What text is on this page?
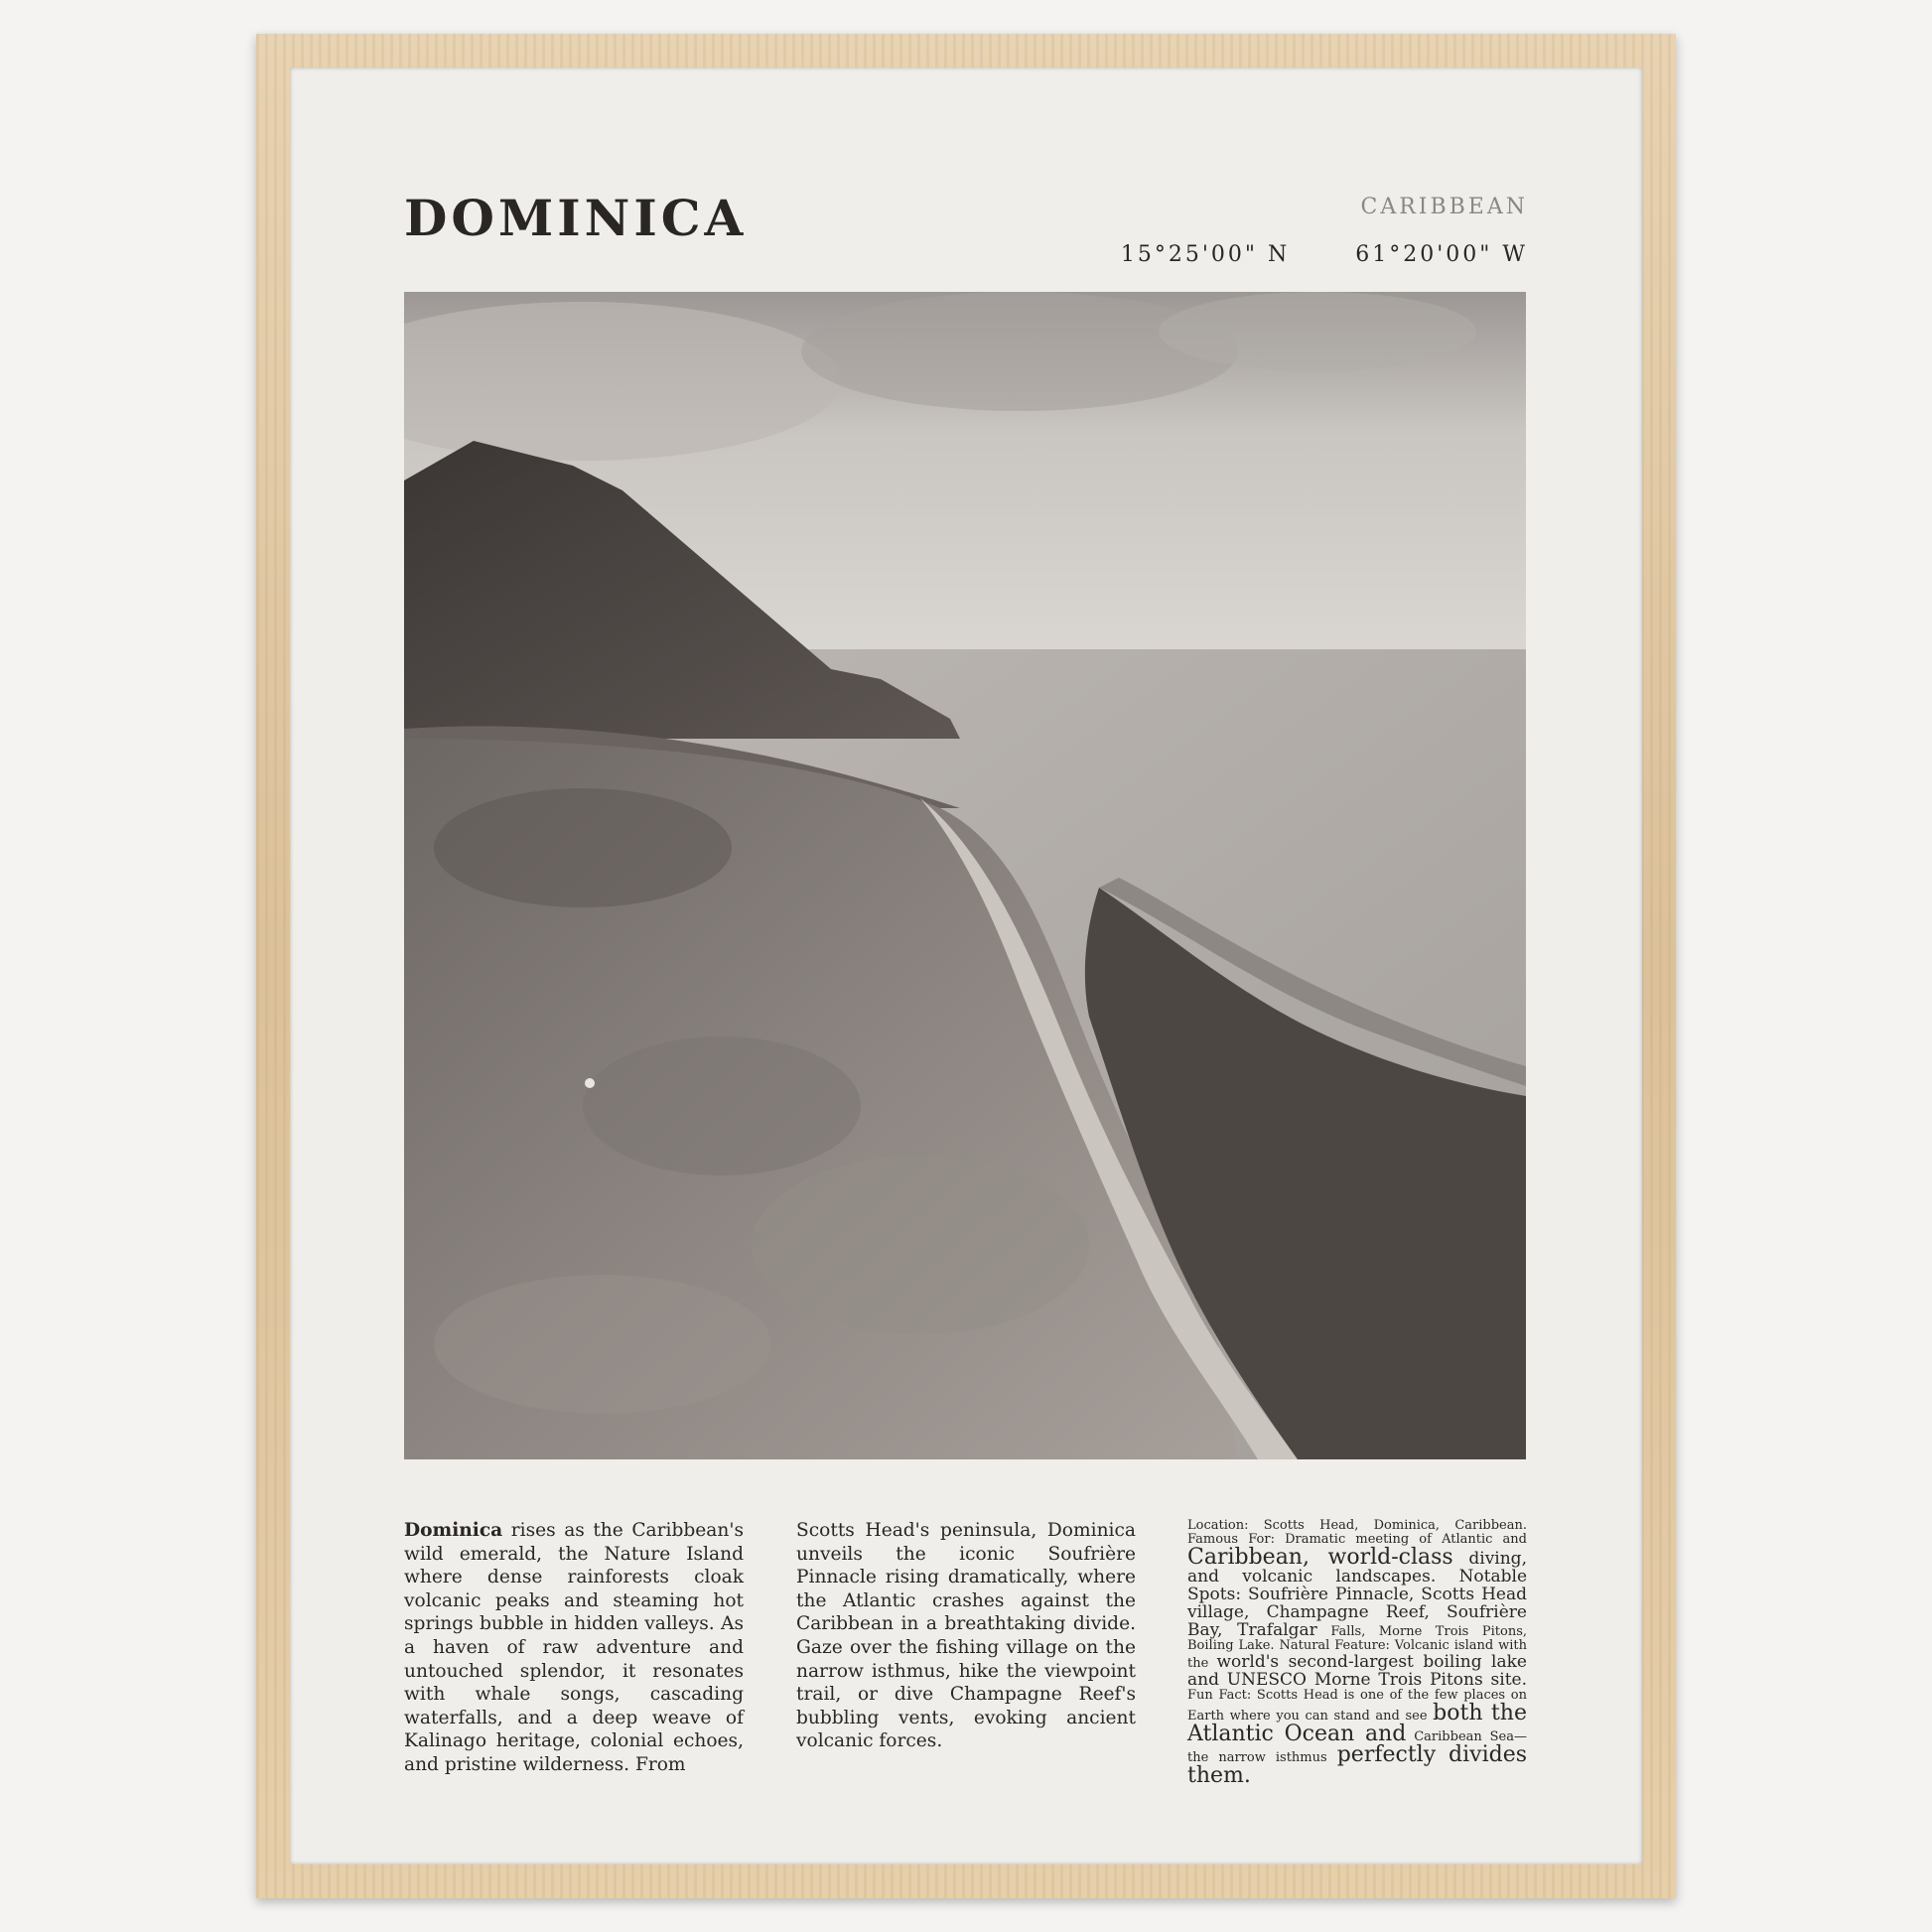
DOMINICA	CARIBBEAN
15°25'00" N	61°20'00" W
Dominica rises as the Caribbean's wild emerald, the Nature Island where dense rainforests cloak volcanic peaks and steaming hot springs bubble in hidden valleys. As a haven of raw adventure and untouched splendor, it resonates with whale songs, cascading waterfalls, and a deep weave of Kalinago heritage, colonial echoes, and pristine wilderness. From
Scotts Head's peninsula, Dominica unveils the iconic Soufrière Pinnacle rising dramatically, where the Atlantic crashes against the Caribbean in a breathtaking divide. Gaze over the fishing village on the narrow isthmus, hike the viewpoint trail, or dive Champagne Reef's bubbling vents, evoking ancient volcanic forces.
Location: Scotts Head, Dominica, Caribbean. Famous For: Dramatic meeting of Atlantic and Caribbean, world-class diving, and volcanic landscapes. Notable Spots: Soufrière Pinnacle, Scotts Head village, Champagne Reef, Soufrière Bay, Trafalgar Falls, Morne Trois Pitons, Boiling Lake. Natural Feature: Volcanic island with the world's second-largest boiling lake and UNESCO Morne Trois Pitons site. Fun Fact: Scotts Head is one of the few places on Earth where you can stand and see both the Atlantic Ocean and Caribbean Sea—the narrow isthmus perfectly divides them.
